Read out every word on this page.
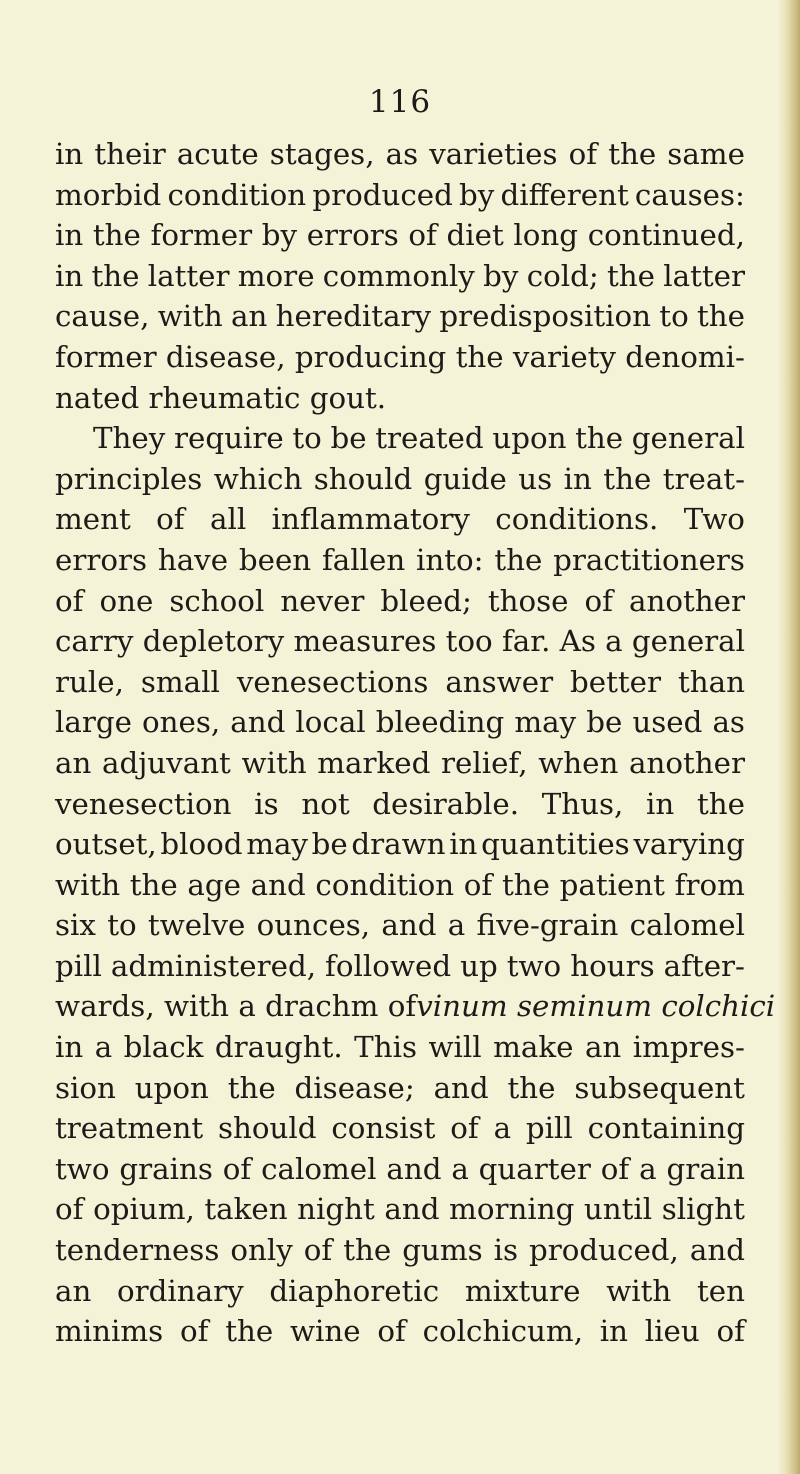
116
in their acute stages, as varieties of the same
morbid condition produced by different causes:
in the former by errors of diet long continued,
in the latter more commonly by cold; the latter
cause, with an hereditary predisposition to the
former disease, producing the variety denomi-
nated rheumatic gout.
They require to be treated upon the general
principles which should guide us in the treat-
ment of all inflammatory conditions. Two
errors have been fallen into: the practitioners
of one school never bleed; those of another
carry depletory measures too far. As a general
rule, small venesections answer better than
large ones, and local bleeding may be used as
an adjuvant with marked relief, when another
venesection is not desirable. Thus, in the
outset, blood may be drawn in quantities varying
with the age and condition of the patient from
six to twelve ounces, and a five-grain calomel
pill administered, followed up two hours after-
wards, with a drachm of vinum seminum colchici
in a black draught. This will make an impres-
sion upon the disease; and the subsequent
treatment should consist of a pill containing
two grains of calomel and a quarter of a grain
of opium, taken night and morning until slight
tenderness only of the gums is produced, and
an ordinary diaphoretic mixture with ten
minims of the wine of colchicum, in lieu of
